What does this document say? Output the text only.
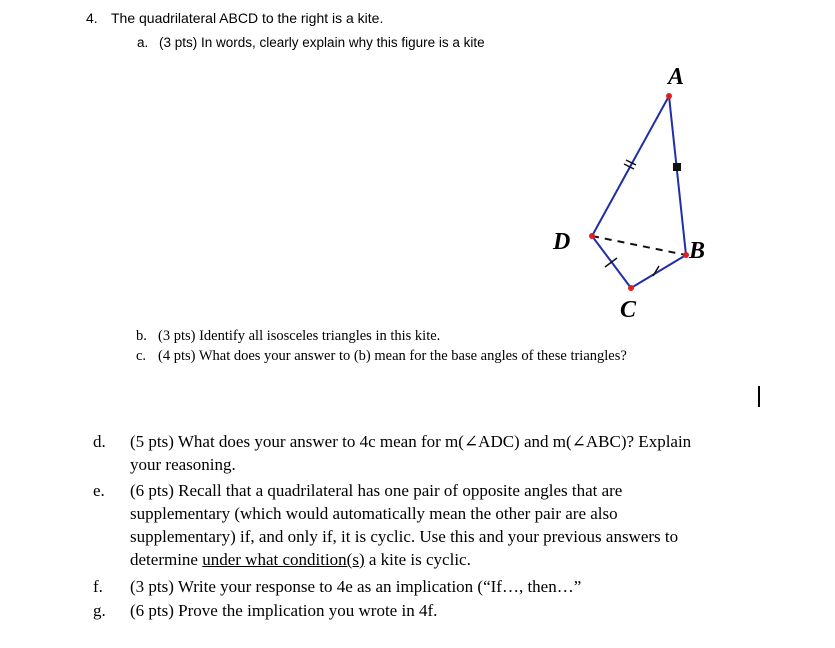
4. The quadrilateral ABCD to the right is a kite.
a. (3 pts) In words, clearly explain why this figure is a kite
A
D	B
C
b. (3 pts) Identify all isosceles triangles in this kite.
c. (4 pts) What does your answer to (b) mean for the base angles of these triangles?
d. (5 pts) What does your answer to 4c mean for m(∠ADC) and m(∠ABC)? Explain
your reasoning.
e. (6 pts) Recall that a quadrilateral has one pair of opposite angles that are
supplementary (which would automatically mean the other pair are also
supplementary) if, and only if, it is cyclic. Use this and your previous answers to
determine under what condition(s) a kite is cyclic.
f. (3 pts) Write your response to 4e as an implication (“If…, then…”
g. (6 pts) Prove the implication you wrote in 4f.
